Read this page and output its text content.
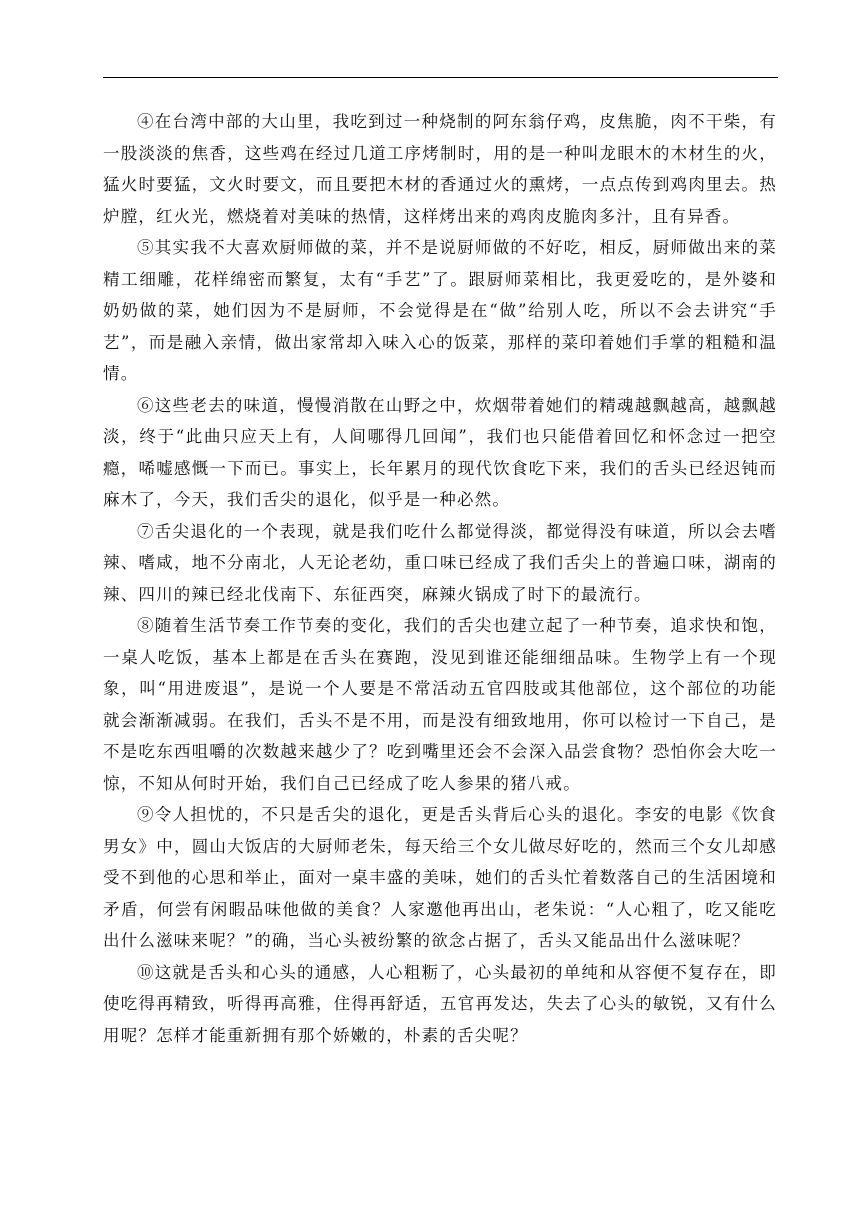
④在台湾中部的大山里，我吃到过一种烧制的阿东翁仔鸡，皮焦脆，肉不干柴，有一股淡淡的焦香，这些鸡在经过几道工序烤制时，用的是一种叫龙眼木的木材生的火，猛火时要猛，文火时要文，而且要把木材的香通过火的熏烤，一点点传到鸡肉里去。热炉膛，红火光，燃烧着对美味的热情，这样烤出来的鸡肉皮脆肉多汁，且有异香。

⑤其实我不大喜欢厨师做的菜，并不是说厨师做的不好吃，相反，厨师做出来的菜精工细雕，花样绵密而繁复，太有“手艺”了。跟厨师菜相比，我更爱吃的，是外婆和奶奶做的菜，她们因为不是厨师，不会觉得是在“做”给别人吃，所以不会去讲究“手艺”，而是融入亲情，做出家常却入味入心的饭菜，那样的菜印着她们手掌的粗糙和温情。

⑥这些老去的味道，慢慢消散在山野之中，炊烟带着她们的精魂越飘越高，越飘越淡，终于“此曲只应天上有，人间哪得几回闻”，我们也只能借着回忆和怀念过一把空瘾，唏嘘感慨一下而已。事实上，长年累月的现代饮食吃下来，我们的舌头已经迟钝而麻木了，今天，我们舌尖的退化，似乎是一种必然。

⑦舌尖退化的一个表现，就是我们吃什么都觉得淡，都觉得没有味道，所以会去嗜辣、嗜咸，地不分南北，人无论老幼，重口味已经成了我们舌尖上的普遍口味，湖南的辣、四川的辣已经北伐南下、东征西突，麻辣火锅成了时下的最流行。

⑧随着生活节奏工作节奏的变化，我们的舌尖也建立起了一种节奏，追求快和饱，一桌人吃饭，基本上都是在舌头在赛跑，没见到谁还能细细品味。生物学上有一个现象，叫“用进废退”，是说一个人要是不常活动五官四肢或其他部位，这个部位的功能就会渐渐减弱。在我们，舌头不是不用，而是没有细致地用，你可以检讨一下自己，是不是吃东西咀嚼的次数越来越少了？吃到嘴里还会不会深入品尝食物？恐怕你会大吃一惊，不知从何时开始，我们自己已经成了吃人参果的猪八戒。

⑨令人担忧的，不只是舌尖的退化，更是舌头背后心头的退化。李安的电影《饮食男女》中，圆山大饭店的大厨师老朱，每天给三个女儿做尽好吃的，然而三个女儿却感受不到他的心思和举止，面对一桌丰盛的美味，她们的舌头忙着数落自己的生活困境和矛盾，何尝有闲暇品味他做的美食？人家邀他再出山，老朱说：“人心粗了，吃又能吃出什么滋味来呢？”的确，当心头被纷繁的欲念占据了，舌头又能品出什么滋味呢？

⑩这就是舌头和心头的通感，人心粗粝了，心头最初的单纯和从容便不复存在，即使吃得再精致，听得再高雅，住得再舒适，五官再发达，失去了心头的敏锐，又有什么用呢？怎样才能重新拥有那个娇嫩的，朴素的舌尖呢？
